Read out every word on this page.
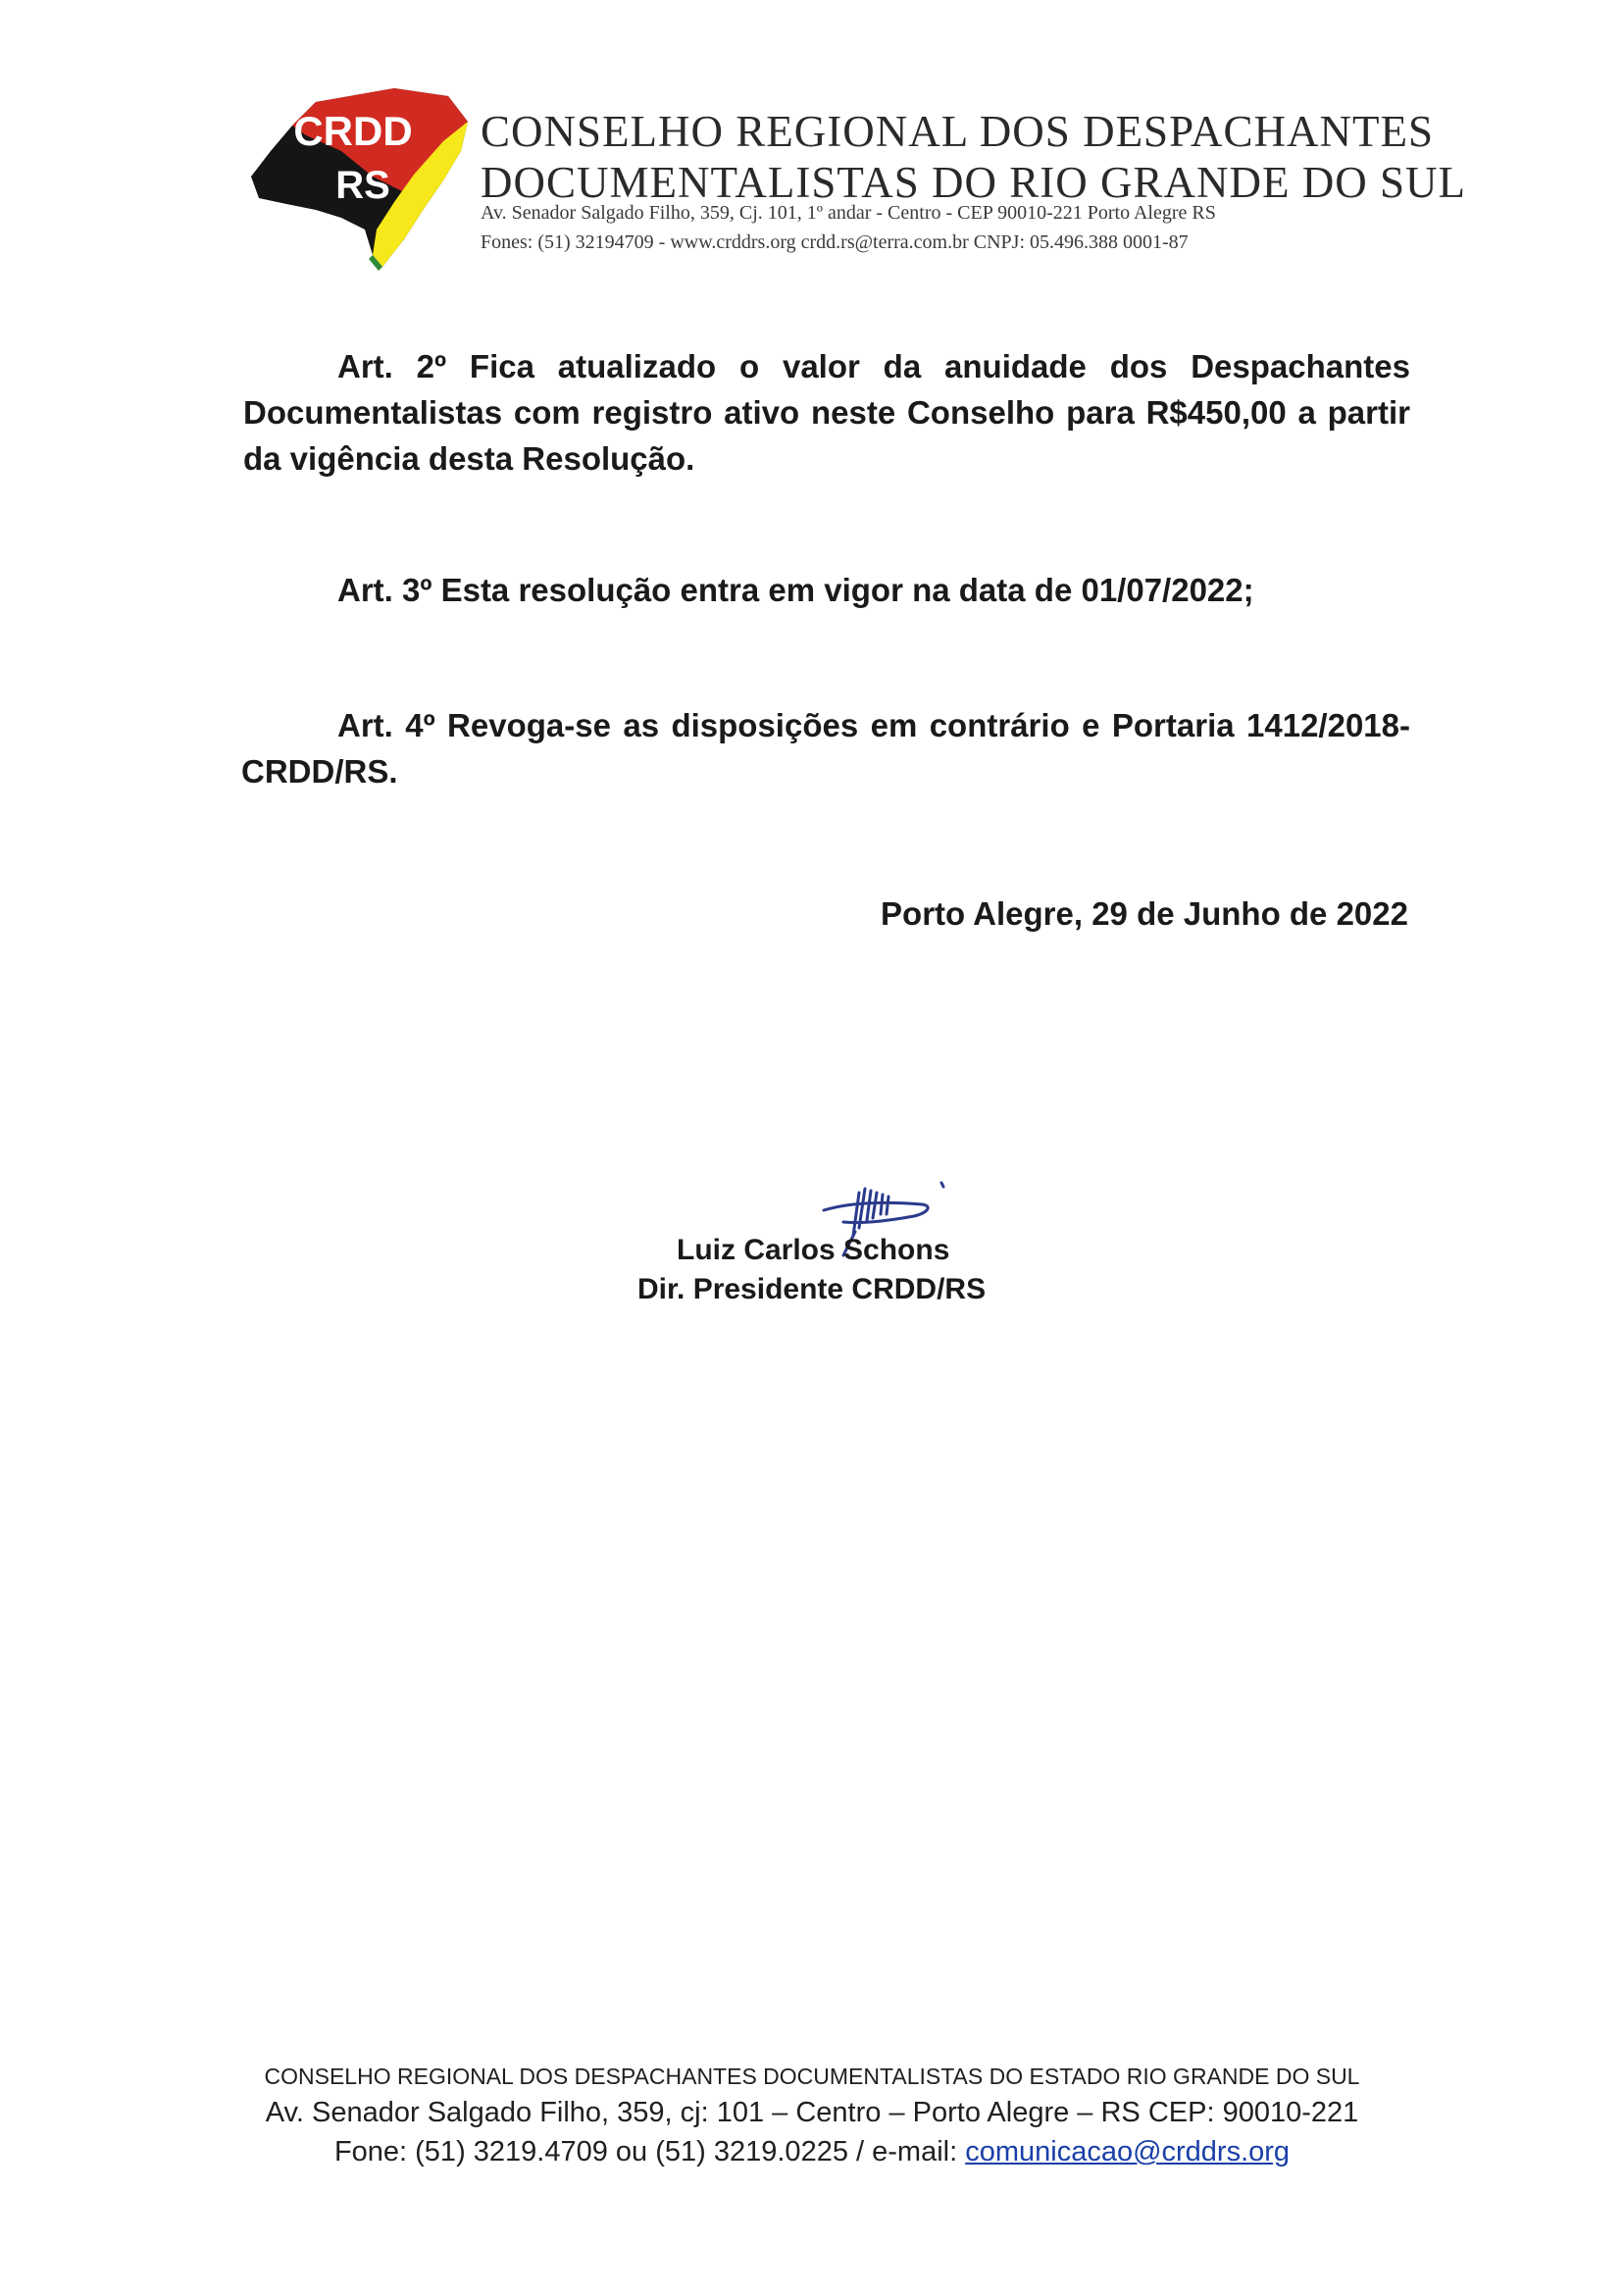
CRDD
RS
CONSELHO REGIONAL DOS DESPACHANTES
DOCUMENTALISTAS DO RIO GRANDE DO SUL
Av. Senador Salgado Filho, 359, Cj. 101, 1º andar - Centro - CEP 90010-221 Porto Alegre RS
Fones: (51) 32194709 - www.crddrs.org crdd.rs@terra.com.br CNPJ: 05.496.388 0001-87
Art. 2º Fica atualizado o valor da anuidade dos Despachantes Documentalistas com registro ativo neste Conselho para R$450,00 a partir da vigência desta Resolução.
Art. 3º Esta resolução entra em vigor na data de 01/07/2022;
Art. 4º Revoga-se as disposições em contrário e Portaria 1412/2018-CRDD/RS.
Porto Alegre, 29 de Junho de 2022
Luiz Carlos Schons
Dir. Presidente CRDD/RS
CONSELHO REGIONAL DOS DESPACHANTES DOCUMENTALISTAS DO ESTADO RIO GRANDE DO SUL
Av. Senador Salgado Filho, 359, cj: 101 – Centro – Porto Alegre – RS CEP: 90010-221
Fone: (51) 3219.4709 ou (51) 3219.0225 / e-mail: comunicacao@crddrs.org
